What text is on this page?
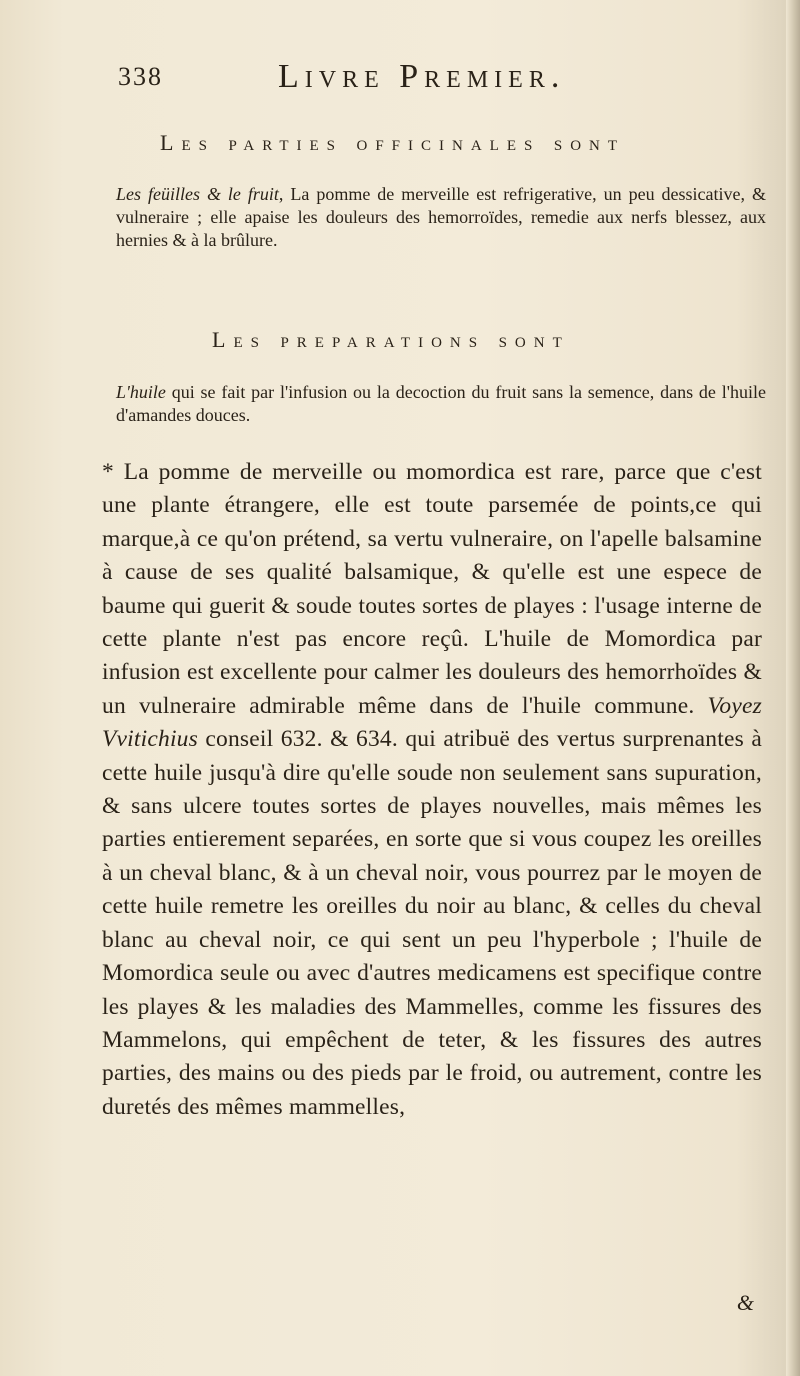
338	Livre Premier.
Les parties officinales sont

Les feüilles & le fruit, La pomme de merveille est refrigerative, un peu dessicative, & vulneraire ; elle apaise les douleurs des hemorroïdes, remedie aux nerfs blessez, aux hernies & à la brûlure.

Les preparations sont

L'huile qui se fait par l'infusion ou la decoction du fruit sans la semence, dans de l'huile d'amandes douces.

* La pomme de merveille ou momordica est rare, parce que c'est une plante étrangere, elle est toute parsemée de points,ce qui marque,à ce qu'on prétend, sa vertu vulneraire, on l'apelle balsamine à cause de ses qualité balsamique, & qu'elle est une espece de baume qui guerit & soude toutes sortes de playes : l'usage interne de cette plante n'est pas encore reçû. L'huile de Momordica par infusion est excellente pour calmer les douleurs des hemorrhoïdes & un vulneraire admirable même dans de l'huile commune. Voyez Vvitichius conseil 632. & 634. qui atribuë des vertus surprenantes à cette huile jusqu'à dire qu'elle soude non seulement sans supuration, & sans ulcere toutes sortes de playes nouvelles, mais mêmes les parties entierement separées, en sorte que si vous coupez les oreilles à un cheval blanc, & à un cheval noir, vous pourrez par le moyen de cette huile remetre les oreilles du noir au blanc, & celles du cheval blanc au cheval noir, ce qui sent un peu l'hyperbole ; l'huile de Momordica seule ou avec d'autres medicamens est specifique contre les playes & les maladies des Mammelles, comme les fissures des Mammelons, qui empêchent de teter, & les fissures des autres parties, des mains ou des pieds par le froid, ou autrement, contre les duretés des mêmes mammelles,

&
